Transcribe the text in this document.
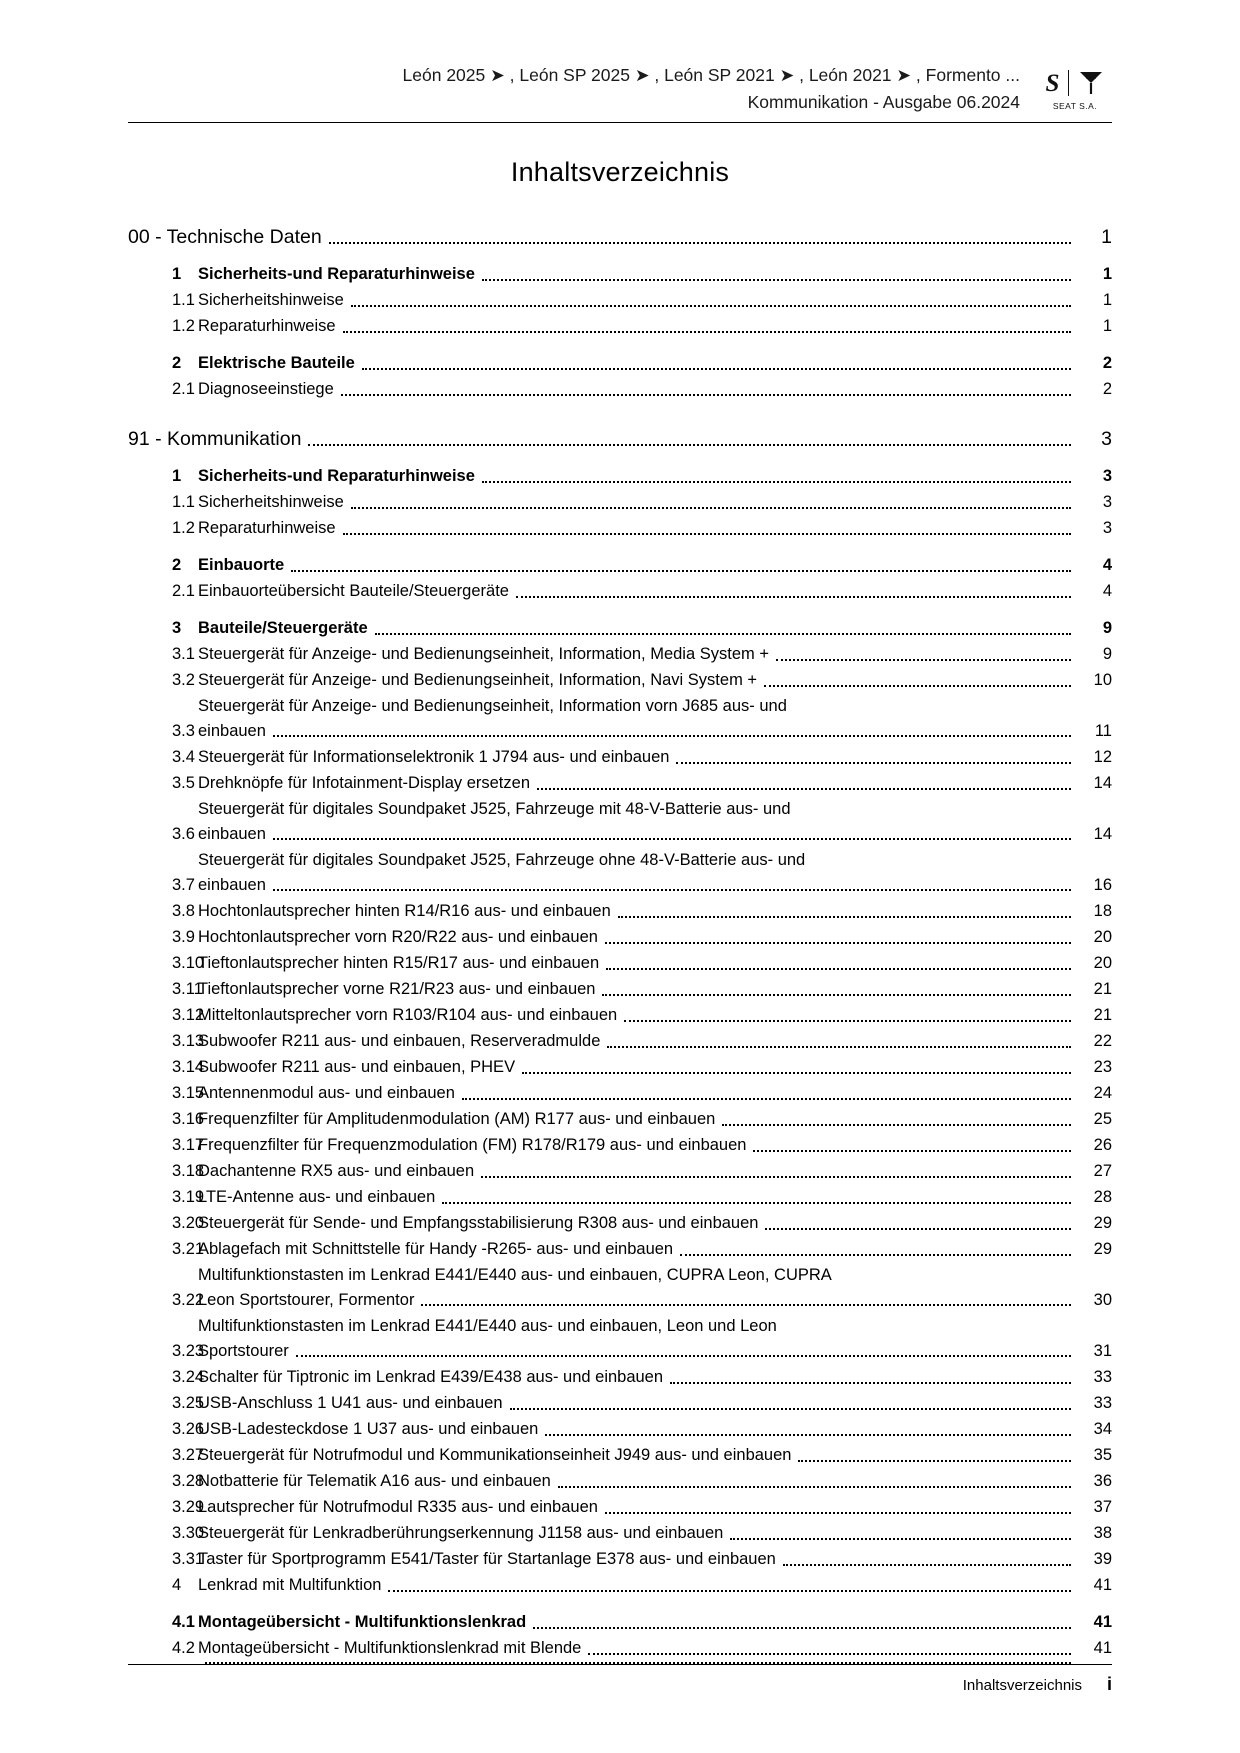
León 2025 ➤ , León SP 2025 ➤ , León SP 2021 ➤ , León 2021 ➤ , Formento ...
Kommunikation - Ausgabe 06.2024
S
SEAT S.A.
Inhaltsverzeichnis
00 - Technische Daten	1
1	Sicherheits-und Reparaturhinweise	1
1.1 Sicherheitshinweise	1
1.2 Reparaturhinweise	1
2	Elektrische Bauteile	2
2.1 Diagnoseeinstiege	2
91 - Kommunikation	3
1	Sicherheits-und Reparaturhinweise	3
1.1 Sicherheitshinweise	3
1.2 Reparaturhinweise	3
2	Einbauorte	4
2.1 Einbauorteübersicht Bauteile/Steuergeräte	4
3	Bauteile/Steuergeräte	9
3.1 Steuergerät für Anzeige- und Bedienungseinheit, Information, Media System +	9
3.2 Steuergerät für Anzeige- und Bedienungseinheit, Information, Navi System +	10
3.3
Steuergerät für Anzeige- und Bedienungseinheit, Information vorn J685 aus- und
einbauen	11
3.4 Steuergerät für Informationselektronik 1 J794 aus- und einbauen	12
3.5 Drehknöpfe für Infotainment-Display ersetzen	14
3.6
Steuergerät für digitales Soundpaket J525, Fahrzeuge mit 48-V-Batterie aus- und
einbauen	14
3.7
Steuergerät für digitales Soundpaket J525, Fahrzeuge ohne 48-V-Batterie aus- und
einbauen	16
3.8 Hochtonlautsprecher hinten R14/R16 aus- und einbauen	18
3.9 Hochtonlautsprecher vorn R20/R22 aus- und einbauen	20
3.10
Tieftonlautsprecher hinten R15/R17 aus- und einbauen	20
3.11
Tieftonlautsprecher vorne R21/R23 aus- und einbauen	21
3.12
Mitteltonlautsprecher vorn R103/R104 aus- und einbauen	21
3.13
Subwoofer R211 aus- und einbauen, Reserveradmulde	22
3.14
Subwoofer R211 aus- und einbauen, PHEV	23
3.15
Antennenmodul aus- und einbauen	24
3.16
Frequenzfilter für Amplitudenmodulation (AM) R177 aus- und einbauen	25
3.17
Frequenzfilter für Frequenzmodulation (FM) R178/R179 aus- und einbauen	26
3.18
Dachantenne RX5 aus- und einbauen	27
3.19
LTE-Antenne aus- und einbauen	28
3.20
Steuergerät für Sende- und Empfangsstabilisierung R308 aus- und einbauen	29
3.21
Ablagefach mit Schnittstelle für Handy -R265- aus- und einbauen	29
3.22
Multifunktionstasten im Lenkrad E441/E440 aus- und einbauen, CUPRA Leon, CUPRA
Leon Sportstourer, Formentor	30
3.23
Multifunktionstasten im Lenkrad E441/E440 aus- und einbauen, Leon und Leon
Sportstourer	31
3.24
Schalter für Tiptronic im Lenkrad E439/E438 aus- und einbauen	33
3.25
USB-Anschluss 1 U41 aus- und einbauen	33
3.26
USB-Ladesteckdose 1 U37 aus- und einbauen	34
3.27
Steuergerät für Notrufmodul und Kommunikationseinheit J949 aus- und einbauen	35
3.28
Notbatterie für Telematik A16 aus- und einbauen	36
3.29
Lautsprecher für Notrufmodul R335 aus- und einbauen	37
3.30
Steuergerät für Lenkradberührungserkennung J1158 aus- und einbauen	38
3.31
Taster für Sportprogramm E541/Taster für Startanlage E378 aus- und einbauen	39
4	Lenkrad mit Multifunktion	41
4.1 Montageübersicht - Multifunktionslenkrad	41
4.2 Montageübersicht - Multifunktionslenkrad mit Blende	41
Inhaltsverzeichnis	i
